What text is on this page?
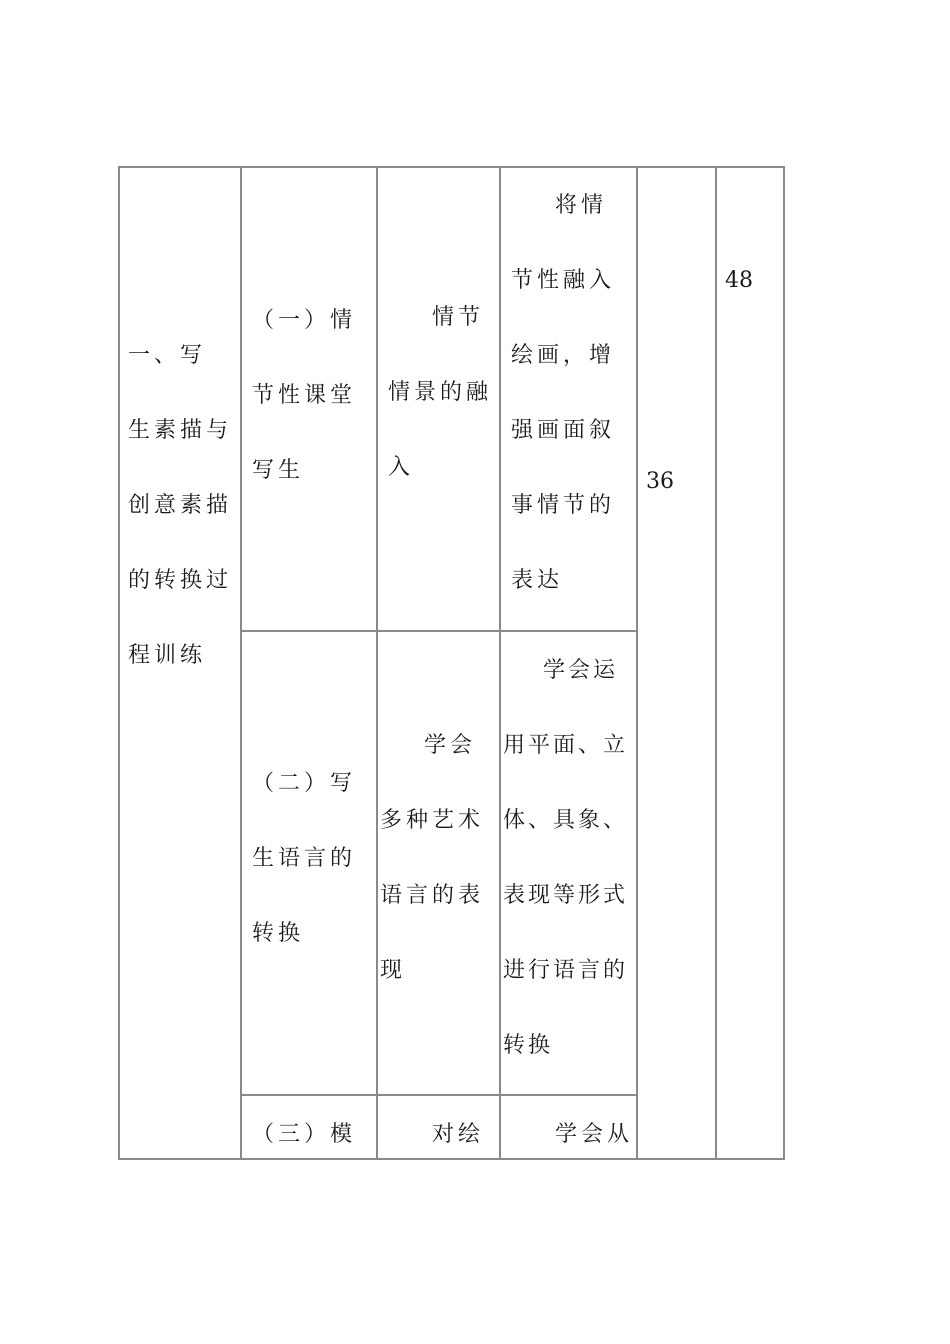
一、写

生素描与

创意素描

的转换过

程训练

（一）情

节性课堂

写生

情节

情景的融

入

将情

节性融入

绘画，增

强画面叙

事情节的

表达

（二）写

生语言的

转换

学会

多种艺术

语言的表

现

学会运

用平面、立

体、具象、

表现等形式

进行语言的

转换

（三）模 对绘 学会从

36
48
